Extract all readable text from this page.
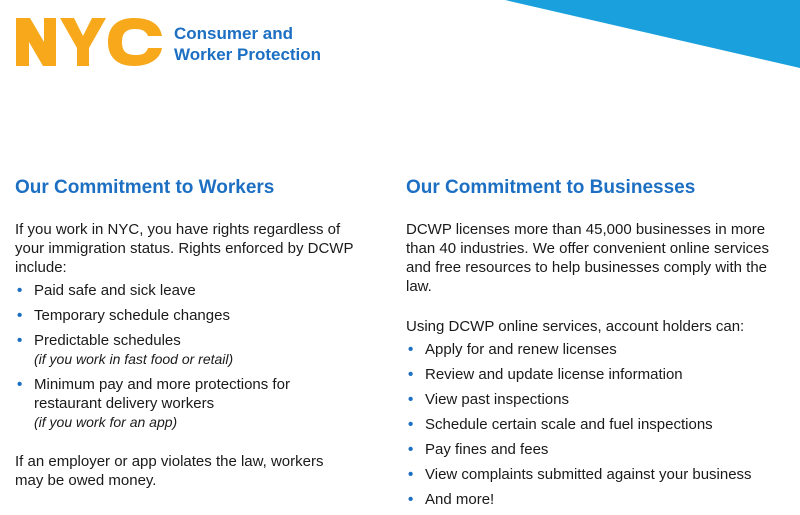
Consumer and
Worker Protection
Our Commitment to Workers

If you work in NYC, you have rights regardless of your immigration status. Rights enforced by DCWP include:

• Paid safe and sick leave
• Temporary schedule changes
• Predictable schedules
(if you work in fast food or retail)
• Minimum pay and more protections for restaurant delivery workers
(if you work for an app)

If an employer or app violates the law, workers may be owed money.

Our Commitment to Businesses

DCWP licenses more than 45,000 businesses in more than 40 industries. We offer convenient online services and free resources to help businesses comply with the law.

Using DCWP online services, account holders can:

• Apply for and renew licenses
• Review and update license information
• View past inspections
• Schedule certain scale and fuel inspections
• Pay fines and fees
• View complaints submitted against your business
• And more!
